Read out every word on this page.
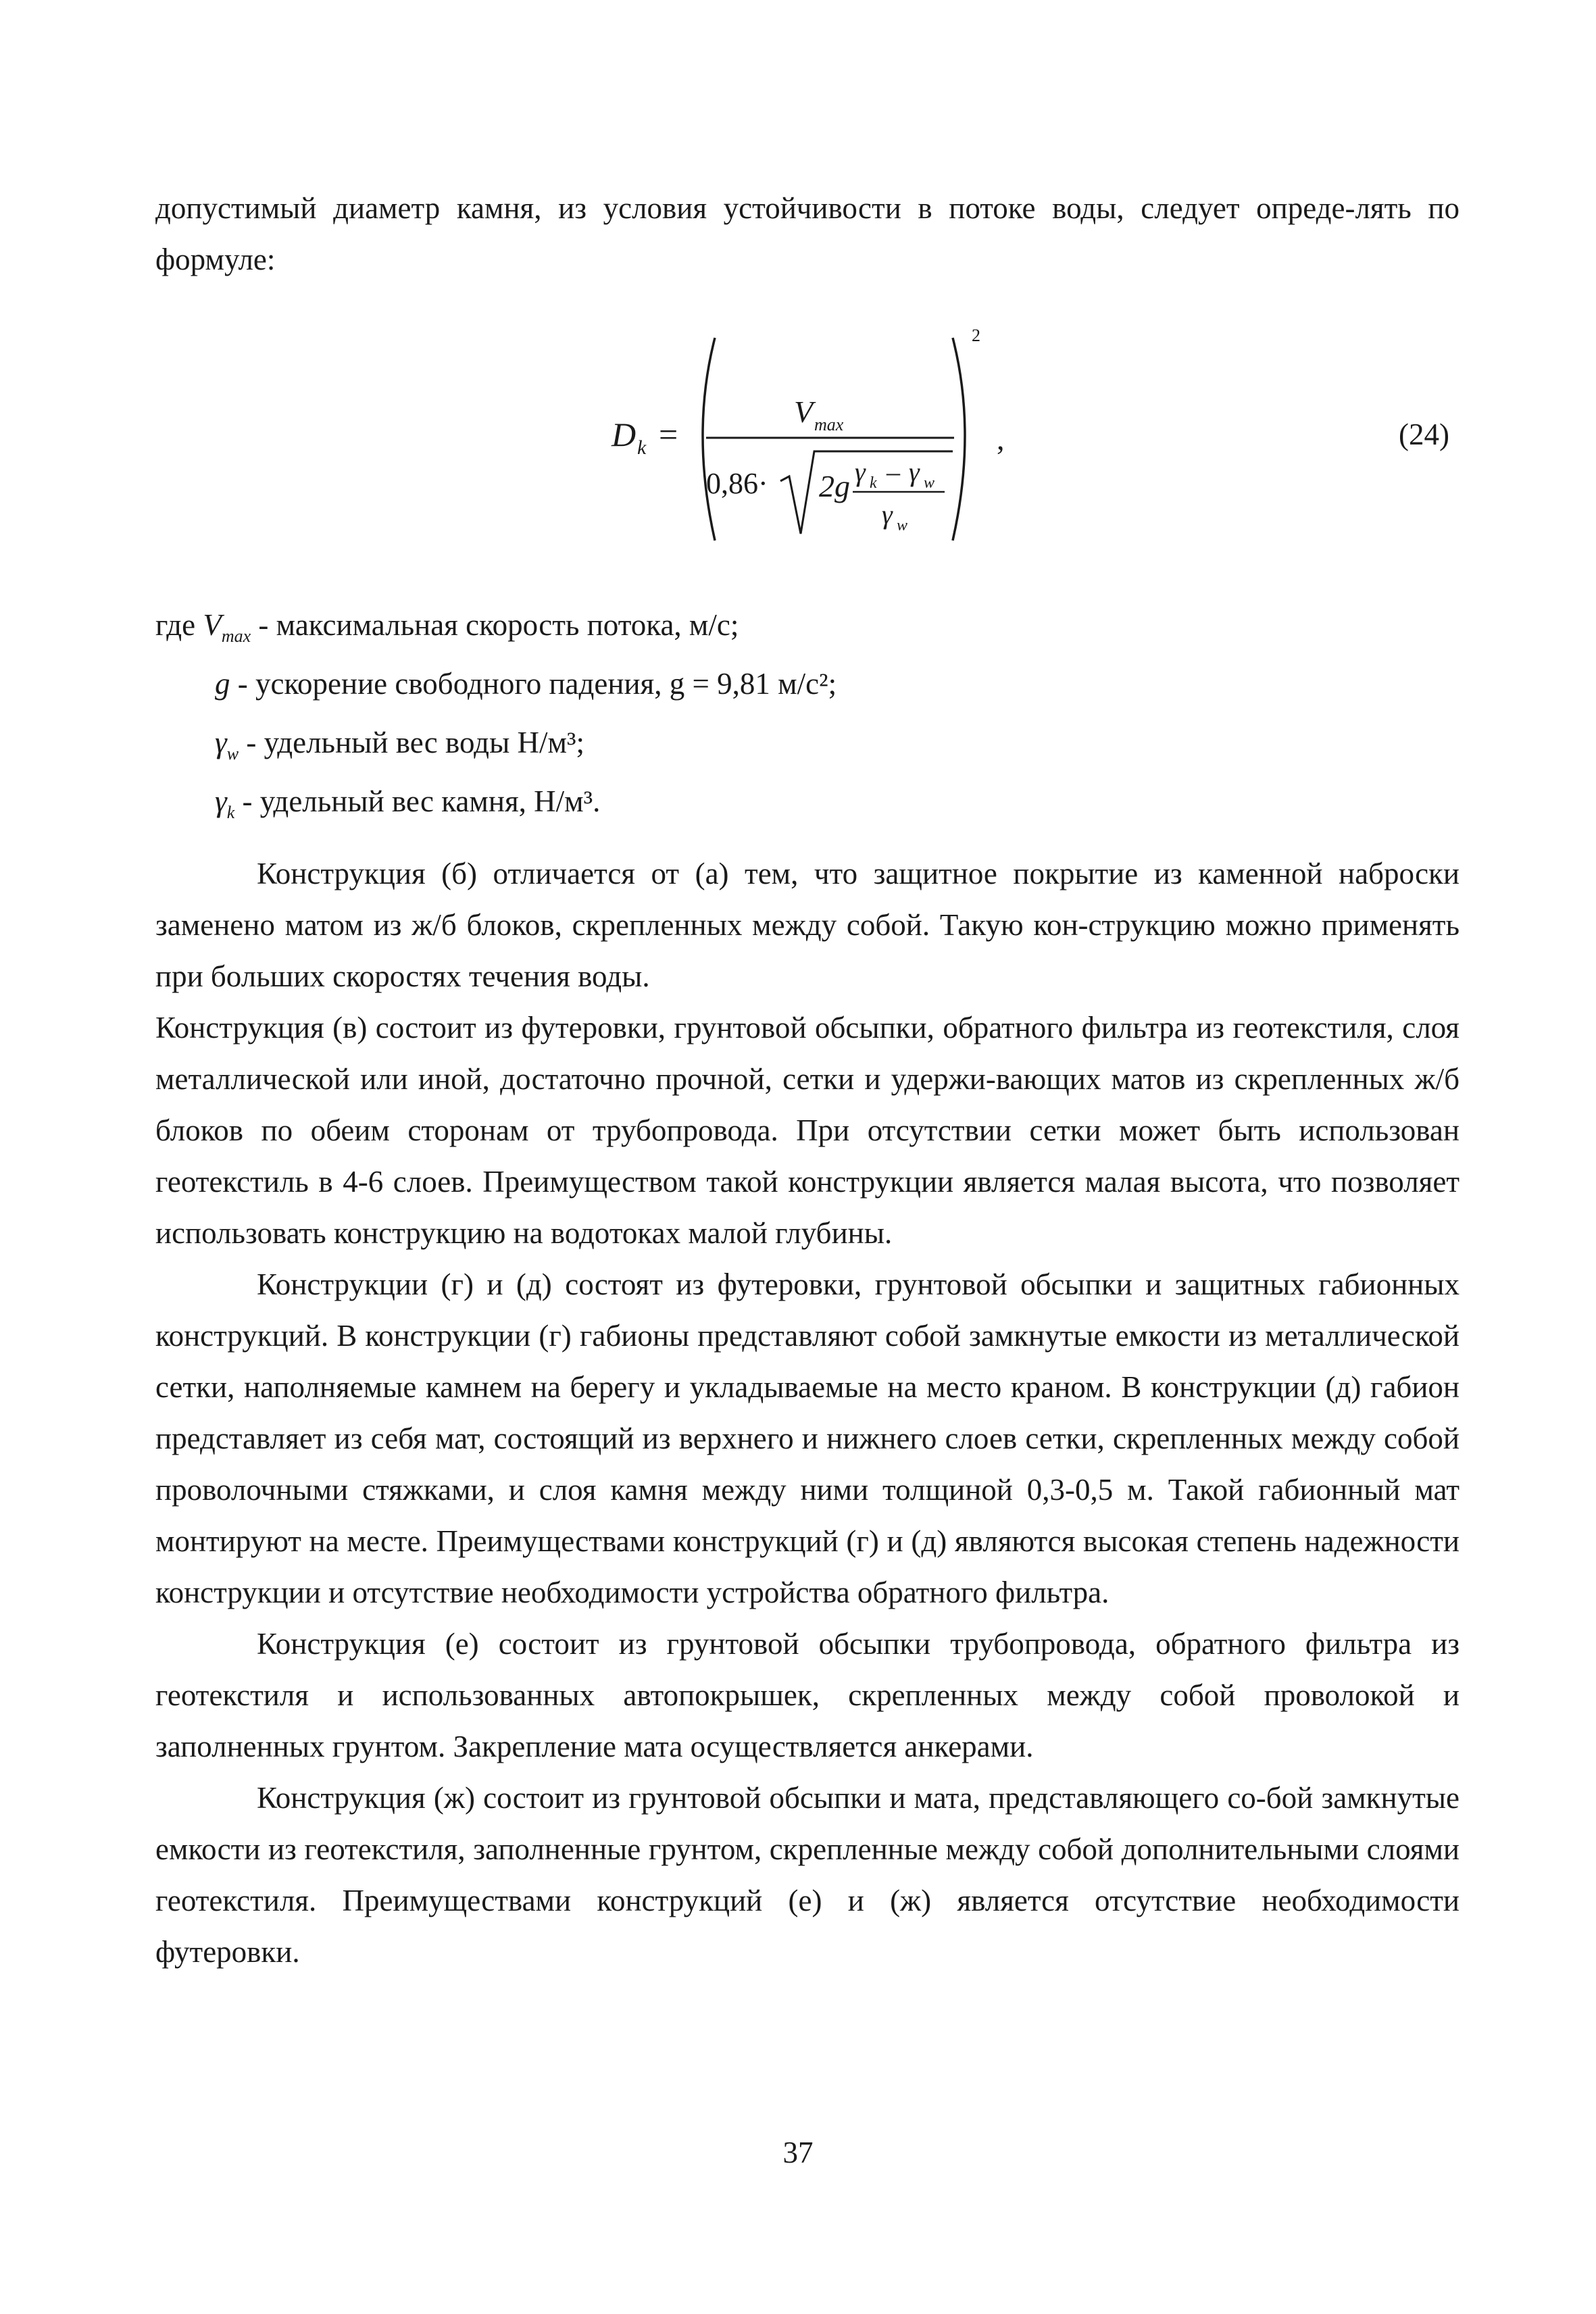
допустимый диаметр камня, из условия устойчивости в потоке воды, следует опреде-лять по формуле:

D k =
2
V max
0,86· 2g γ k – γ w
γ w
,	(24)
где $V_{max}$ - максимальная скорость потока, м/с;
g - ускорение свободного падения, g = 9,81 м/с²;
$\gamma_w$ - удельный вес воды Н/м³;
$\gamma_k$ - удельный вес камня, Н/м³.

Конструкция (б) отличается от (а) тем, что защитное покрытие из каменной наброски заменено матом из ж/б блоков, скрепленных между собой. Такую кон-струкцию можно применять при больших скоростях течения воды.

Конструкция (в) состоит из футеровки, грунтовой обсыпки, обратного фильтра из геотекстиля, слоя металлической или иной, достаточно прочной, сетки и удержи-вающих матов из скрепленных ж/б блоков по обеим сторонам от трубопровода. При отсутствии сетки может быть использован геотекстиль в 4-6 слоев. Преимуществом такой конструкции является малая высота, что позволяет использовать конструкцию на водотоках малой глубины.

Конструкции (г) и (д) состоят из футеровки, грунтовой обсыпки и защитных габионных конструкций. В конструкции (г) габионы представляют собой замкнутые емкости из металлической сетки, наполняемые камнем на берегу и укладываемые на место краном. В конструкции (д) габион представляет из себя мат, состоящий из верхнего и нижнего слоев сетки, скрепленных между собой проволочными стяжками, и слоя камня между ними толщиной 0,3-0,5 м. Такой габионный мат монтируют на месте. Преимуществами конструкций (г) и (д) являются высокая степень надежности конструкции и отсутствие необходимости устройства обратного фильтра.

Конструкция (е) состоит из грунтовой обсыпки трубопровода, обратного фильтра из геотекстиля и использованных автопокрышек, скрепленных между собой проволокой и заполненных грунтом. Закрепление мата осуществляется анкерами.

Конструкция (ж) состоит из грунтовой обсыпки и мата, представляющего со-бой замкнутые емкости из геотекстиля, заполненные грунтом, скрепленные между собой дополнительными слоями геотекстиля. Преимуществами конструкций (е) и (ж) является отсутствие необходимости футеровки.

37
